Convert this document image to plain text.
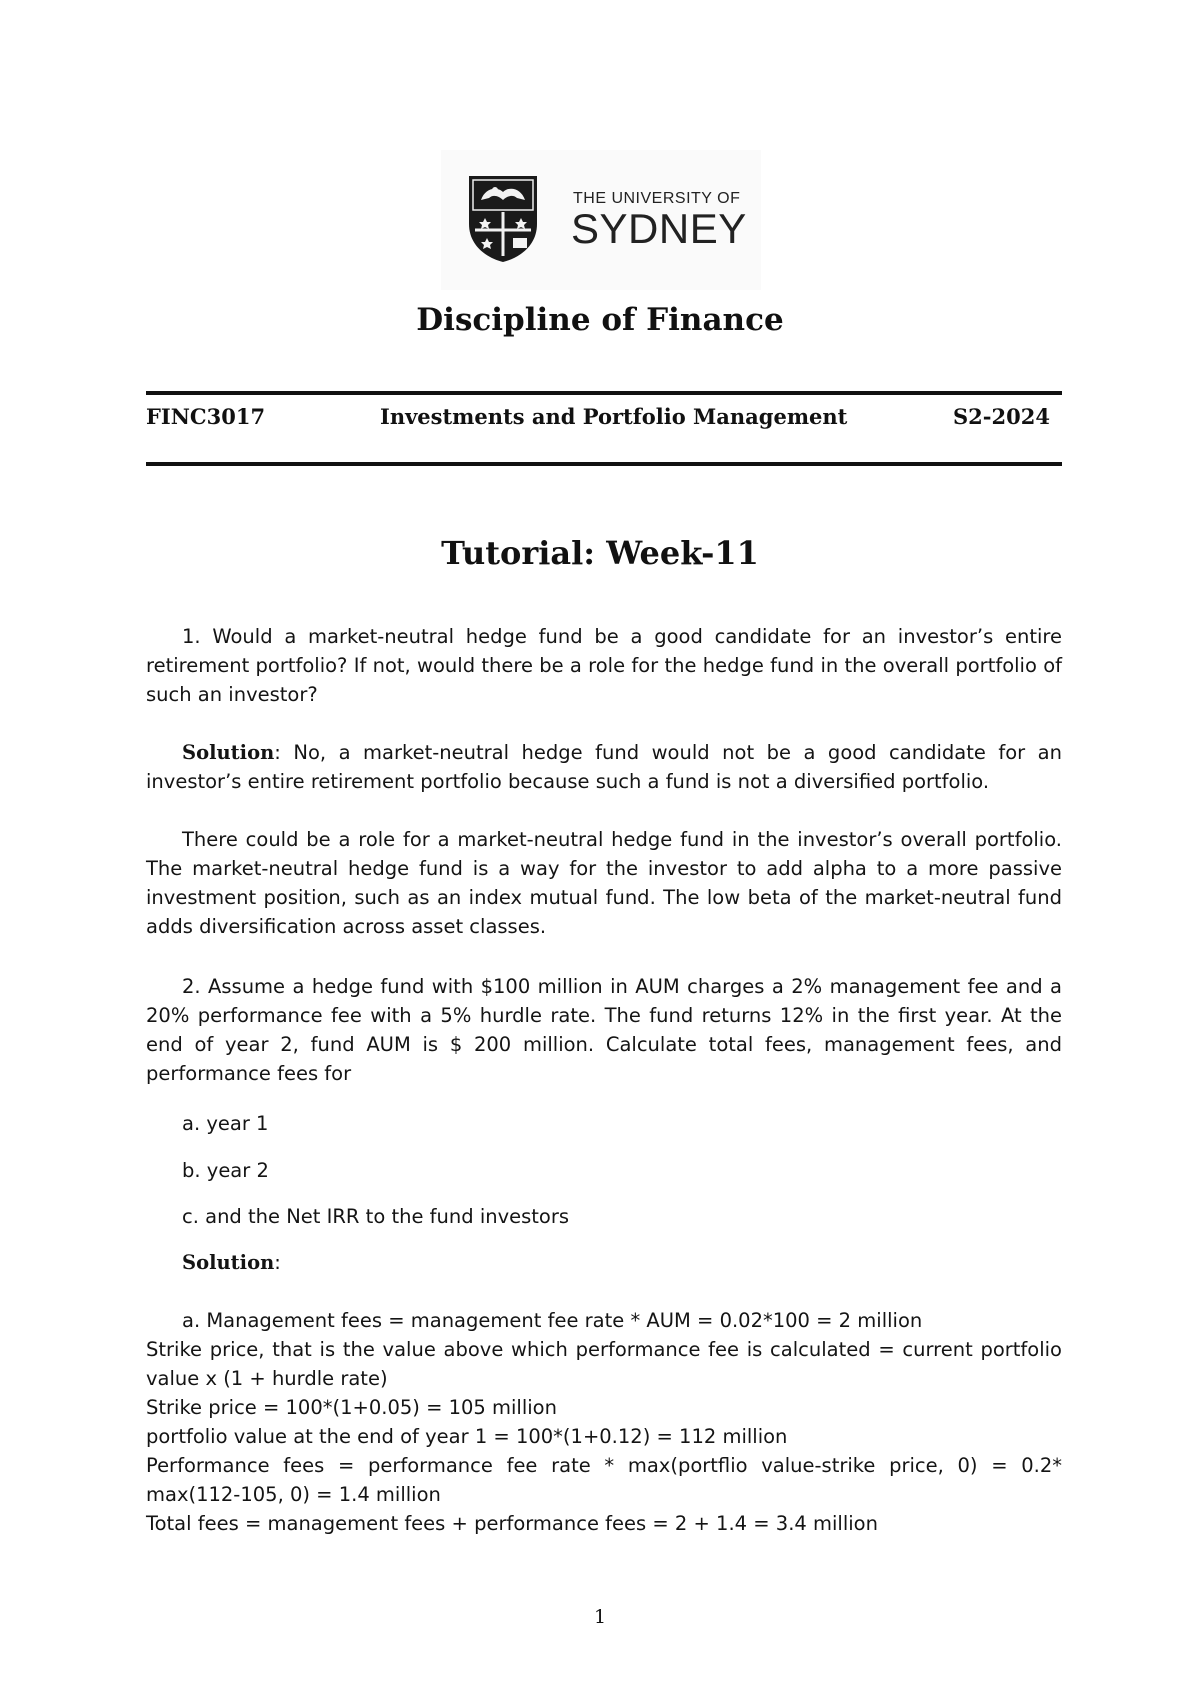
THE UNIVERSITY OF
SYDNEY
Discipline of Finance
FINC3017	Investments and Portfolio Management	S2-2024
Tutorial: Week-11
1. Would a market-neutral hedge fund be a good candidate for an investor’s entire retirement portfolio? If not, would there be a role for the hedge fund in the overall portfolio of such an investor?
Solution: No, a market-neutral hedge fund would not be a good candidate for an investor’s entire retirement portfolio because such a fund is not a diversified portfolio.
There could be a role for a market-neutral hedge fund in the investor’s overall portfolio. The market-neutral hedge fund is a way for the investor to add alpha to a more passive investment position, such as an index mutual fund. The low beta of the market-neutral fund adds diversification across asset classes.
2. Assume a hedge fund with $100 million in AUM charges a 2% management fee and a 20% performance fee with a 5% hurdle rate. The fund returns 12% in the first year. At the end of year 2, fund AUM is $ 200 million. Calculate total fees, management fees, and performance fees for
a. year 1
b. year 2
c. and the Net IRR to the fund investors
Solution:
a. Management fees = management fee rate * AUM = 0.02*100 = 2 million
Strike price, that is the value above which performance fee is calculated = current portfolio value x (1 + hurdle rate)
Strike price = 100*(1+0.05) = 105 million
portfolio value at the end of year 1 = 100*(1+0.12) = 112 million
Performance fees = performance fee rate * max(portflio value-strike price, 0) = 0.2* max(112-105, 0) = 1.4 million
Total fees = management fees + performance fees = 2 + 1.4 = 3.4 million
1
